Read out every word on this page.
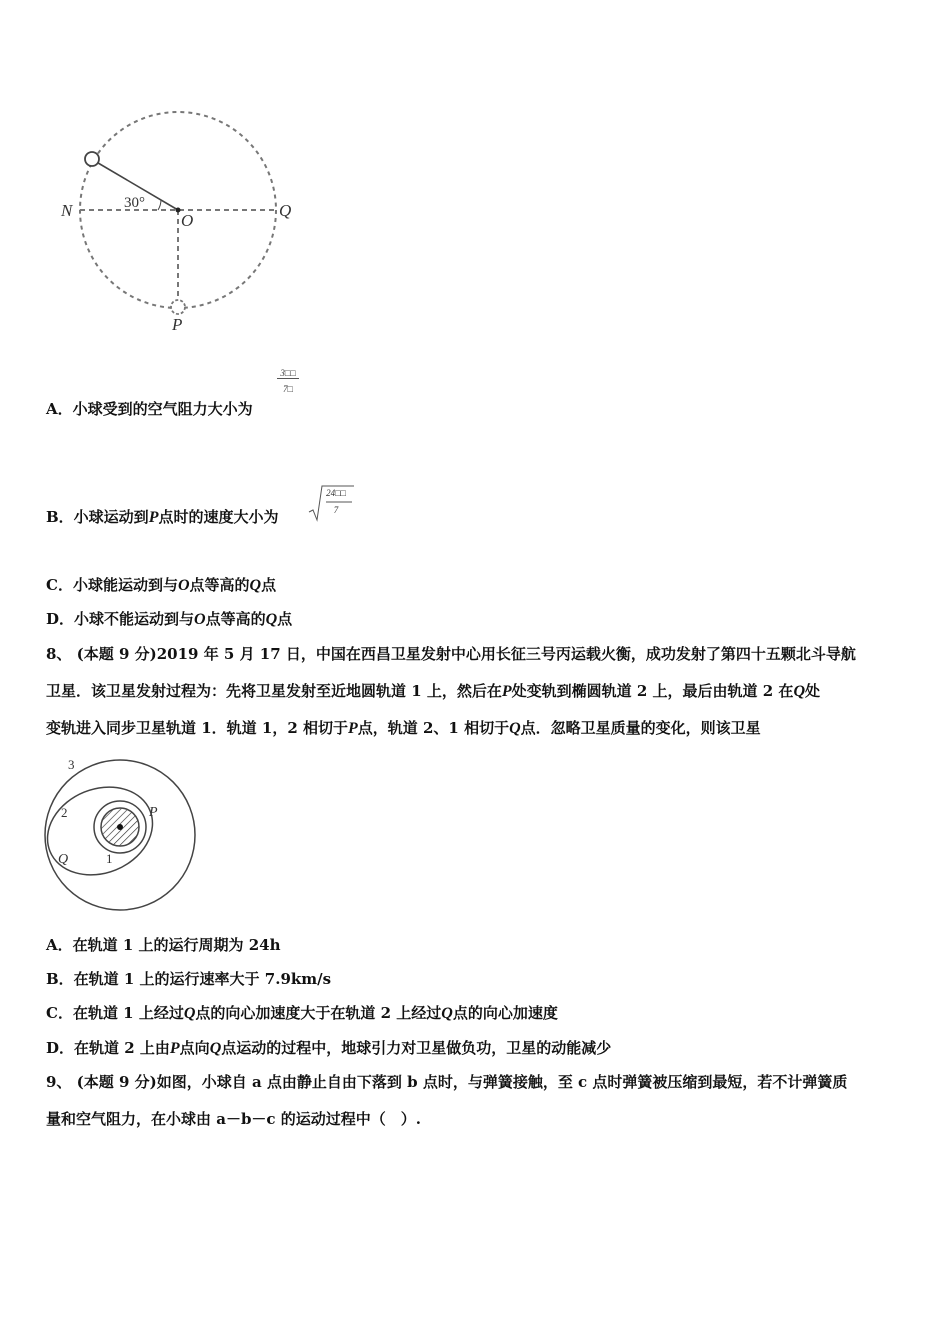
N	30°
O
Q
P
A．小球受到的空气阻力大小为
3□□
7□
B．小球运动到P点时的速度大小为
24□□
7
C．小球能运动到与O点等高的Q点
D．小球不能运动到与O点等高的Q点
8、 (本题 9 分)2019 年 5 月 17 日，中国在西昌卫星发射中心用长征三号丙运载火衡，成功发射了第四十五颗北斗导航
卫星．该卫星发射过程为：先将卫星发射至近地圆轨道 1 上，然后在P处变轨到椭圆轨道 2 上，最后由轨道 2 在Q处
变轨进入同步卫星轨道 1．轨道 1，2 相切于P点，轨道 2、1 相切于Q点．忽略卫星质量的变化，则该卫星
3
2
1
P
Q
A．在轨道 1 上的运行周期为 24h
B．在轨道 1 上的运行速率大于 7.9km/s
C．在轨道 1 上经过Q点的向心加速度大于在轨道 2 上经过Q点的向心加速度
D．在轨道 2 上由P点向Q点运动的过程中，地球引力对卫星做负功，卫星的动能减少
9、 (本题 9 分)如图，小球自 a 点由静止自由下落到 b 点时，与弹簧接触，至 c 点时弹簧被压缩到最短，若不计弹簧质
量和空气阻力，在小球由 a－b－c 的运动过程中（　）.
